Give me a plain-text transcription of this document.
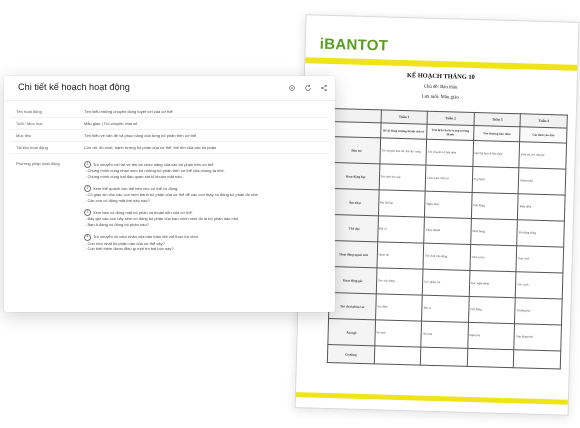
iBANTOT
KẾ HOẠCH THÁNG 10
Chủ đề: Bản thân
Lứa tuổi: Mẫu giáo
	Tuần 1	Tuần 2	Tuần 3	Tuần 4
	Bé đi đúng trường thành chữ tử	Trải lịch của bé trong trường thành	Yêu thương bản thân	Gia đình yêu dấu
Đón trẻ	Trò chuyện đón trẻ, thể dục sáng	Trò chuyện về bản thân	Hát bài hát về bản thân	Đón trẻ, trò chuyện
Hoạt động học	Trò chơi học tập	Làm quen chữ cái	Tạo hình	Khám phá
Âm nhạc	Hát bài hát	Nghe nhạc	Vận động	Biểu diễn
Thể dục	Bật xa	Chạy nhanh	Ném bóng	Đi thăng bằng
Hoạt động ngoài trời	Quan sát	Trò chơi vận động	Chơi tự do	Dạo chơi
Hoạt động góc	Góc xây dựng	Góc phân vai	Góc nghệ thuật	Góc sách
Trò chơi phân vai	Gia đình	Bác sĩ	Cửa hàng	Trường học
Ăn ngủ	Vệ sinh	Ăn trưa	Ngủ trưa	Vận động nhẹ
Cooking				
Chi tiết kế hoạch hoạt động
Tên hoạt động	Tìm hiểu những chuyến động tuyệt vời của cơ thể
Tuổi / Mức học	Mẫu giáo | Trò chuyện chia sẻ
Mục tiêu	Tìm hiểu về vấn đề và phục năng của từng bộ phận trên cơ thể
Tài liệu hoạt động	Con rối, đồ chơi, tranh tượng bộ phận của cơ thể, thẻ tên của các bộ phận
Phương pháp hoạt động	1	Trò chuyện với trẻ về tên và chức năng của các bộ phận trên cơ thể
- Chúng mình cùng nhau xem bộ những bộ phận trên cơ thể của chúng ta nhé.
- Chúng mình cùng hát đầu quan sát kĩ khuôn mặt nào.
2	Xem thể quanh các thể bên cho cơ thể có động.
- Cô giáo xin cho các con xem tranh bộ phận của cơ thể để các con thấy có động bộ phận đó nhé.
- Các con có động mặt thế nào nào?
3	Xem bạn có động mặt bộ phận và thuần sẽn của cơ thể.
- Bây giờ các con hãy xem có động bộ phận của bạn mình xem đó là bộ phận nào nhé.
- Bạn A đang có động bộ phận nào?
4	Trò chuyện về cảm nhận của bản thân đối với thực trò chơi.
- Con nhớ nhất bộ phận nào của cơ thể vậy?
- Con biết thêm được điều gì mới trò bài học này?
